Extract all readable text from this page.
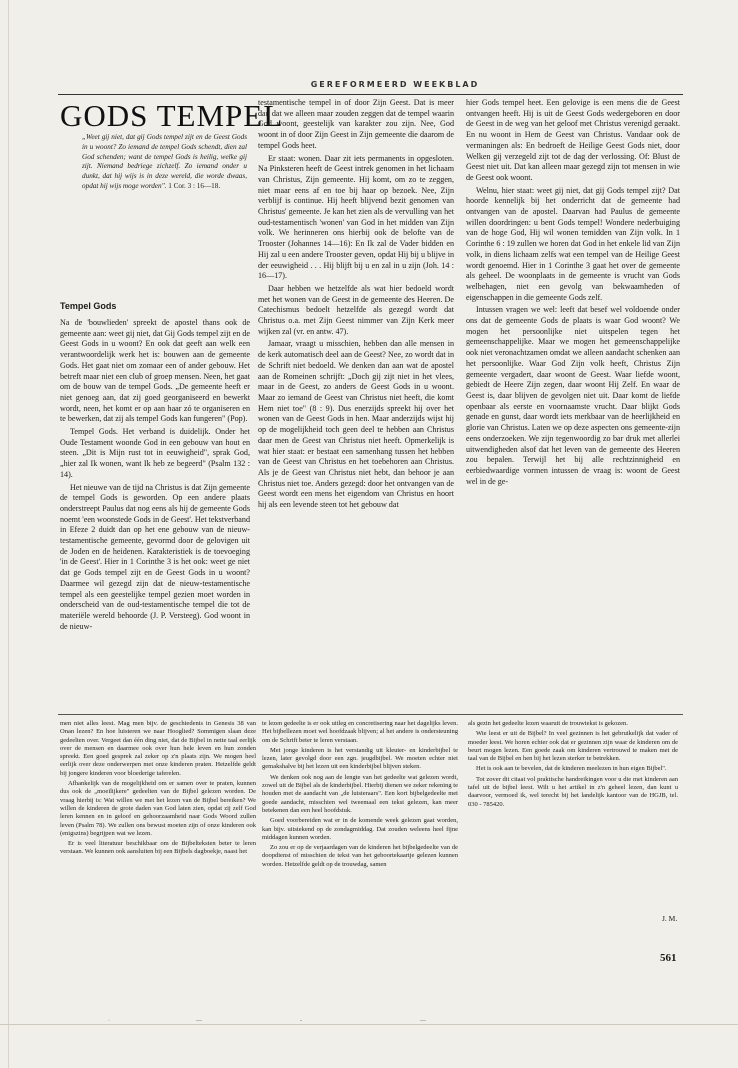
GEREFORMEERD WEEKBLAD
GODS TEMPEL
„Weet gij niet, dat gij Gods tempel zijt en de Geest Gods in u woont? Zo iemand de tempel Gods schendt, dien zal God schenden; want de tempel Gods is heilig, welke gij zijt. Niemand bedriege zichzelf. Zo iemand onder u dunkt, dat hij wijs is in deze wereld, die worde dwaas, opdat hij wijs moge worden". 1 Cor. 3 : 16—18.
Tempel Gods

Na de 'bouwlieden' spreekt de apostel thans ook de gemeente aan: weet gij niet, dat Gij Gods tempel zijt en de Geest Gods in u woont? En ook dat geeft aan welk een verantwoordelijk werk het is: bouwen aan de gemeente Gods. Het gaat niet om zomaar een of ander gebouw. Het betreft maar niet een club of groep mensen. Neen, het gaat om de bouw van de tempel Gods. „De gemeente heeft er niet genoeg aan, dat zij goed georganiseerd en bewerkt wordt, neen, het komt er op aan haar zó te organiseren en te bewerken, dat zij als tempel Gods kan fungeren" (Pop).

Tempel Gods. Het verband is duidelijk. Onder het Oude Testament woonde God in een gebouw van hout en steen. „Dit is Mijn rust tot in eeuwigheid", sprak God, „hier zal Ik wonen, want Ik heb ze begeerd" (Psalm 132 : 14).

Het nieuwe van de tijd na Christus is dat Zijn gemeente de tempel Gods is geworden. Op een andere plaats onderstreept Paulus dat nog eens als hij de gemeente Gods noemt 'een woonstede Gods in de Geest'. Het tekstverband in Efeze 2 duidt dan op het ene gebouw van de nieuw-testamentische gemeente, gevormd door de gelovigen uit de Joden en de heidenen. Karakteristiek is de toevoeging 'in de Geest'. Hier in 1 Corinthe 3 is het ook: weet ge niet dat ge Gods tempel zijt en de Geest Gods in u woont? Daarmee wil gezegd zijn dat de nieuw-testamentische tempel als een geestelijke tempel gezien moet worden in onderscheid van de oud-testamentische tempel die tot de materiële wereld behoorde (J. P. Versteeg). God woont in de nieuw-

testamentische tempel in of door Zijn Geest. Dat is meer dan dat we alleen maar zouden zeggen dat de tempel waarin God woont, geestelijk van karakter zou zijn. Nee, God woont in of door Zijn Geest in Zijn gemeente die daarom de tempel Gods heet.

Er staat: wonen. Daar zit iets permanents in opgesloten. Na Pinksteren heeft de Geest intrek genomen in het lichaam van Christus, Zijn gemeente. Hij komt, om zo te zeggen, niet maar eens af en toe bij haar op bezoek. Nee, Zijn verblijf is continue. Hij heeft blijvend bezit genomen van Christus' gemeente. Je kan het zien als de vervulling van het oud-testamentisch 'wonen' van God in het midden van Zijn volk. We herinneren ons hierbij ook de belofte van de Trooster (Johannes 14—16): En Ik zal de Vader bidden en Hij zal u een andere Trooster geven, opdat Hij bij u blijve in der eeuwigheid . . . Hij blijft bij u en zal in u zijn (Joh. 14 : 16—17).

Daar hebben we hetzelfde als wat hier bedoeld wordt met het wonen van de Geest in de gemeente des Heeren. De Catechismus bedoelt hetzelfde als gezegd wordt dat Christus o.a. met Zijn Geest nimmer van Zijn Kerk meer wijken zal (vr. en antw. 47).

Jamaar, vraagt u misschien, hebben dan alle mensen in de kerk automatisch deel aan de Geest? Nee, zo wordt dat in de Schrift niet bedoeld. We denken dan aan wat de apostel aan de Romeinen schrijft: „Doch gij zijt niet in het vlees, maar in de Geest, zo anders de Geest Gods in u woont. Maar zo iemand de Geest van Christus niet heeft, die komt Hem niet toe" (8 : 9). Dus enerzijds spreekt hij over het wonen van de Geest Gods in hen. Maar anderzijds wijst hij op de mogelijkheid toch geen deel te hebben aan Christus daar men de Geest van Christus niet heeft. Opmerkelijk is wat hier staat: er bestaat een samenhang tussen het hebben van de Geest van Christus en het toebehoren aan Christus. Als je de Geest van Christus niet hebt, dan behoor je aan Christus niet toe. Anders gezegd: door het ontvangen van de Geest wordt een mens het eigendom van Christus en hoort hij als een levende steen tot het gebouw dat

hier Gods tempel heet. Een gelovige is een mens die de Geest ontvangen heeft. Hij is uit de Geest Gods wedergeboren en door de Geest in de weg van het geloof met Christus verenigd geraakt. En nu woont in Hem de Geest van Christus. Vandaar ook de vermaningen als: En bedroeft de Heilige Geest Gods niet, door Welken gij verzegeld zijt tot de dag der verlossing. Of: Blust de Geest niet uit. Dat kan alleen maar gezegd zijn tot mensen in wie de Geest ook woont.

Welnu, hier staat: weet gij niet, dat gij Gods tempel zijt? Dat hoorde kennelijk bij het onderricht dat de gemeente had ontvangen van de apostel. Daarvan had Paulus de gemeente willen doordringen: u bent Gods tempel! Wondere nederbuiging van de hoge God, Hij wil wonen temidden van Zijn volk. In 1 Corinthe 6 : 19 zullen we horen dat God in het enkele lid van Zijn volk, in diens lichaam zelfs wat een tempel van de Heilige Geest wordt genoemd. Hier in 1 Corinthe 3 gaat het over de gemeente als geheel. De woonplaats in de gemeente is vrucht van Gods welbehagen, niet een gevolg van bekwaamheden of eigenschappen in die gemeente Gods zelf.

Intussen vragen we wel: leeft dat besef wel voldoende onder ons dat de gemeente Gods de plaats is waar God woont? We mogen het persoonlijke niet uitspelen tegen het gemeenschappelijke. Maar we mogen het gemeenschappelijke ook niet veronachtzamen omdat we alleen aandacht schenken aan het persoonlijke. Waar God Zijn volk heeft, Christus Zijn gemeente vergadert, daar woont de Geest. Waar liefde woont, gebiedt de Heere Zijn zegen, daar woont Hij Zelf. En waar de Geest is, daar blijven de gevolgen niet uit. Daar komt de liefde openbaar als eerste en voornaamste vrucht. Daar blijkt Gods genade en gunst, daar wordt iets merkbaar van de heerlijkheid en glorie van Christus. Laten we op deze aspecten ons gemeente-zijn eens onderzoeken. We zijn tegenwoordig zo bar druk met allerlei uitwendigheden alsof dat het leven van de gemeente des Heeren zou bepalen. Terwijl het bij alle rechtzinnigheid en eerbiedwaardige vormen intussen de vraag is: woont de Geest wel in de ge-

men niet alles leest. Mag men bijv. de geschiedenis in Genesis 38 van Onan lezen? En hoe luisteren we naar Hooglied? Sommigen slaan deze gedeelten over. Vergeet dan één ding niet, dat de Bijbel in nette taal eerlijk over de mensen en daarmee ook over hun hele leven en hun zonden spreekt. Een goed gesprek zal zeker op z'n plaats zijn. We mogen heel eerlijk over deze onderwerpen met onze kinderen praten. Hetzelfde geldt bij jongere kinderen voor bloederige taferelen.

Afhankelijk van de mogelijkheid om er samen over te praten, kunnen dus ook de „moeilijkere" gedeelten van de Bijbel gelezen worden. De vraag hierbij is: Wat willen we met het lezen van de Bijbel bereiken? We willen de kinderen de grote daden van God laten zien, opdat zij zelf God leren kennen en in geloof en gehoorzaamheid naar Gods Woord zullen leven (Psalm 78). We zullen ons bewust moeten zijn of onze kinderen ook (enigszins) begrijpen wat we lezen.

Er is veel literatuur beschikbaar om de Bijbelteksten beter te leren verstaan. We kunnen ook aansluiten bij een Bijbels dagboekje, naast het

te lezen gedeelte is er ook uitleg en concretisering naar het dagelijks leven. Het bijbellezen moet wel hoofdzaak blijven; al het andere is ondersteuning om de Schrift beter te leren verstaan.

Met jonge kinderen is het verstandig uit kleuter- en kinderbijbel te lezen, later gevolgd door een zgn. jeugdbijbel. We moeten echter niet gemakshalve bij het lezen uit een kinderbijbel blijven steken.

We denken ook nog aan de lengte van het gedeelte wat gelezen wordt, zowel uit de Bijbel als de kinderbijbel. Hierbij dienen we zeker rekening te houden met de aandacht van „de luisteraars". Een kort bijbelgedeelte met goede aandacht, misschien wel tweemaal een tekst gelezen, kan meer betekenen dan een heel hoofdstuk.

Goed voorbereiden wat er in de komende week gelezen gaat worden, kan bijv. uitstekend op de zondagmiddag. Dat zouden weleens heel fijne middagen kunnen worden.

Zo zou er op de verjaardagen van de kinderen het bijbelgedeelte van de doopdienst of misschien de tekst van het geboortekaartje gelezen kunnen worden. Hetzelfde geldt op de trouwdag, samen

als gezin het gedeelte lezen waaruit de trouwtekst is gekozen.

Wie leest er uit de Bijbel? In veel gezinnen is het gebruikelijk dat vader of moeder leest. We horen echter ook dat er gezinnen zijn waar de kinderen om de beurt mogen lezen. Een goede zaak om kinderen vertrouwd te maken met de taal van de Bijbel en hen bij het lezen sterker te betrekken.

Het is ook aan te bevelen, dat de kinderen meelezen in hun eigen Bijbel".

Tot zover dit citaat vol praktische handreikingen voor u die met kinderen aan tafel uit de bijbel leest. Wilt u het artikel in z'n geheel lezen, dan kunt u daarvoor, vermoed ik, wel terecht bij het landelijk kantoor van de HGJB, tel. 030 - 785420.

J. M.
561
·	—	-	—
